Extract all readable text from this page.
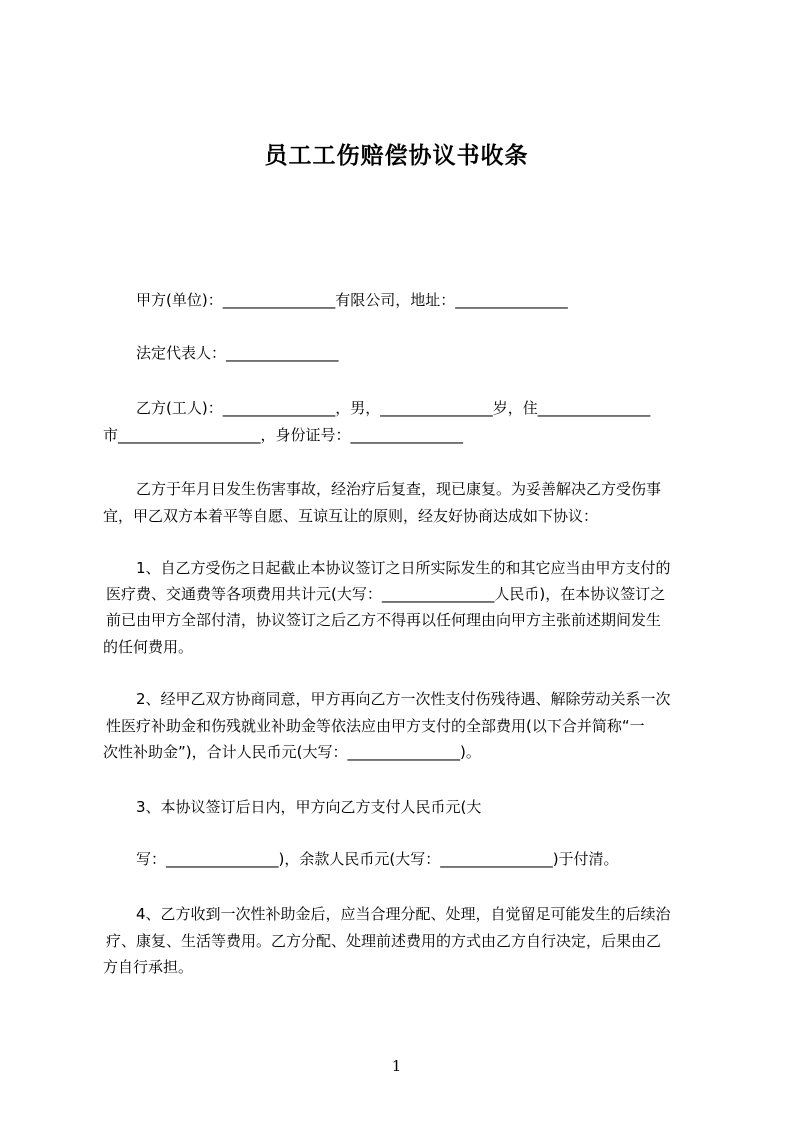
员工工伤赔偿协议书收条
甲方(单位)：_______________有限公司，地址：_______________
法定代表人：_______________
乙方(工人)：_______________，男，_______________岁，住_______________
市___________________，身份证号：_______________
乙方于年月日发生伤害事故，经治疗后复查，现已康复。为妥善解决乙方受伤事
宜，甲乙双方本着平等自愿、互谅互让的原则，经友好协商达成如下协议：
1、自乙方受伤之日起截止本协议签订之日所实际发生的和其它应当由甲方支付的
医疗费、交通费等各项费用共计元(大写：_______________人民币)，在本协议签订之
前已由甲方全部付清，协议签订之后乙方不得再以任何理由向甲方主张前述期间发生
的任何费用。
2、经甲乙双方协商同意，甲方再向乙方一次性支付伤残待遇、解除劳动关系一次
性医疗补助金和伤残就业补助金等依法应由甲方支付的全部费用(以下合并简称“一
次性补助金”)，合计人民币元(大写：_______________)。
3、本协议签订后日内，甲方向乙方支付人民币元(大
写：_______________)，余款人民币元(大写：_______________)于付清。
4、乙方收到一次性补助金后，应当合理分配、处理，自觉留足可能发生的后续治
疗、康复、生活等费用。乙方分配、处理前述费用的方式由乙方自行决定，后果由乙
方自行承担。
1
